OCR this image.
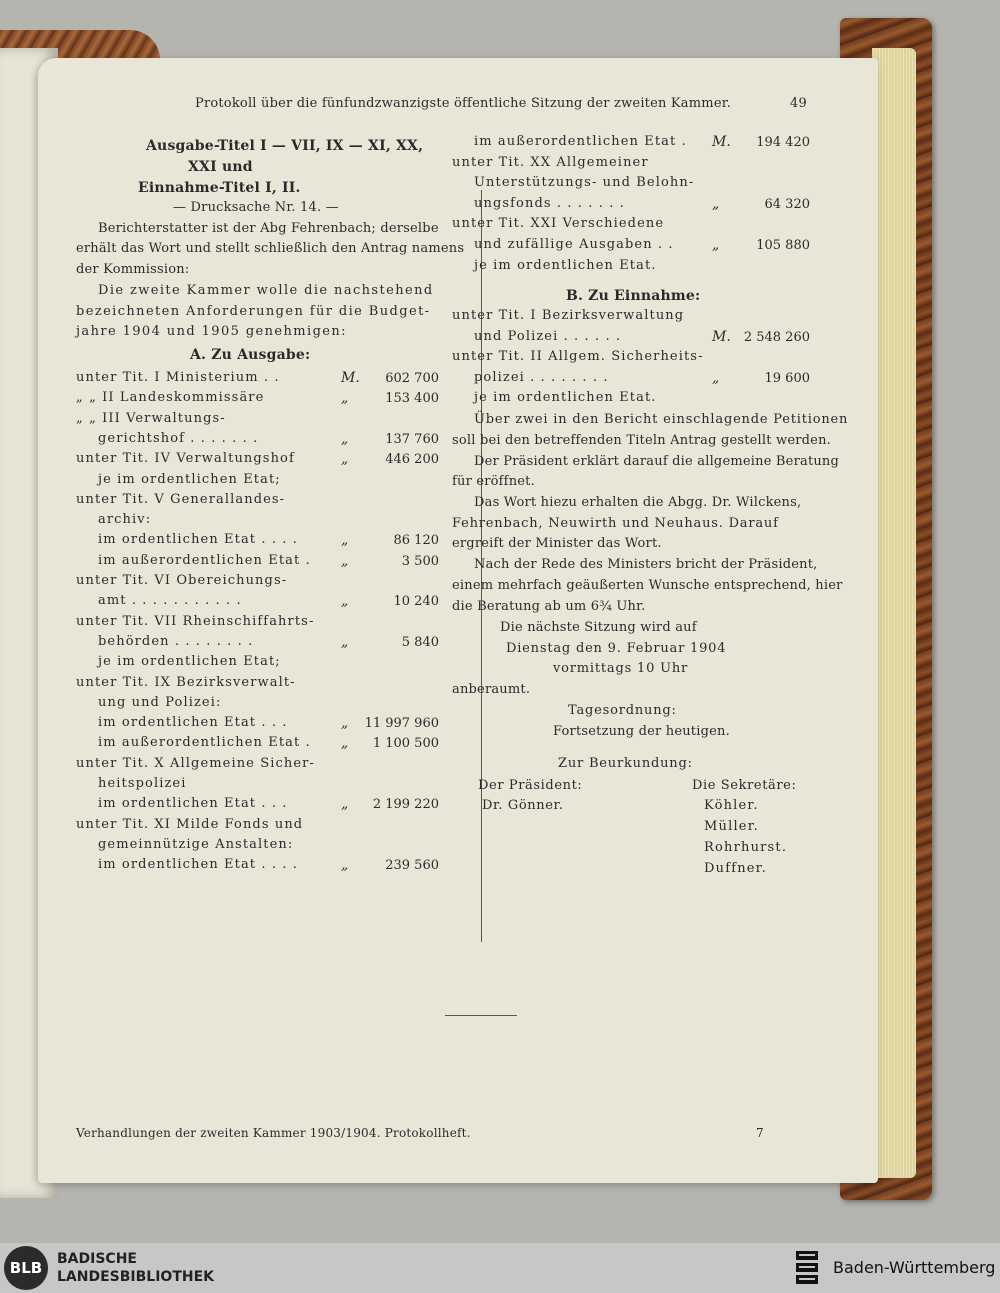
Protokoll über die fünfundzwanzigste öffentliche Sitzung der zweiten Kammer.	49
Ausgabe-Titel I — VII, IX — XI, XX,
XXI und
Einnahme-Titel I, II.
— Drucksache Nr. 14. —
Berichterstatter ist der Abg Fehrenbach; derselbe
erhält das Wort und stellt schließlich den Antrag namens
der Kommission:
Die zweite Kammer wolle die nachstehend
bezeichneten Anforderungen für die Budget-
jahre 1904 und 1905 genehmigen:
A. Zu Ausgabe:
unter Tit. I Ministerium . .	M.	602 700
„ „ II Landeskommissäre	„	153 400
„ „ III Verwaltungs-
gerichtshof . . . . . . .	„	137 760
unter Tit. IV Verwaltungshof	„	446 200
je im ordentlichen Etat;
unter Tit. V Generallandes-
archiv:
im ordentlichen Etat . . . .	„	86 120
im außerordentlichen Etat . „	3 500
unter Tit. VI Obereichungs-
amt . . . . . . . . . . .	„	10 240
unter Tit. VII Rheinschiffahrts-
behörden . . . . . . . .	„	5 840
je im ordentlichen Etat;
unter Tit. IX Bezirksverwalt-
ung und Polizei:
im ordentlichen Etat . . .	„	11 997 960
im außerordentlichen Etat . „	1 100 500
unter Tit. X Allgemeine Sicher-
heitspolizei
im ordentlichen Etat . . .	„	2 199 220
unter Tit. XI Milde Fonds und
gemeinnützige Anstalten:
im ordentlichen Etat . . . .	„	239 560
im außerordentlichen Etat . M.	194 420
unter Tit. XX Allgemeiner
Unterstützungs- und Belohn-
ungsfonds . . . . . . .	„	64 320
unter Tit. XXI Verschiedene
und zufällige Ausgaben . .	„	105 880
je im ordentlichen Etat.
B. Zu Einnahme:
unter Tit. I Bezirksverwaltung
und Polizei . . . . . .	M.	2 548 260
unter Tit. II Allgem. Sicherheits-
polizei . . . . . . . .	„	19 600
je im ordentlichen Etat.
Über zwei in den Bericht einschlagende Petitionen
soll bei den betreffenden Titeln Antrag gestellt werden.
Der Präsident erklärt darauf die allgemeine Beratung
für eröffnet.
Das Wort hiezu erhalten die Abgg. Dr. Wilckens,
Fehrenbach, Neuwirth und Neuhaus. Darauf
ergreift der Minister das Wort.
Nach der Rede des Ministers bricht der Präsident,
einem mehrfach geäußerten Wunsche entsprechend, hier
die Beratung ab um 6¾ Uhr.
Die nächste Sitzung wird auf
Dienstag den 9. Februar 1904
vormittags 10 Uhr
anberaumt.
Tagesordnung:
Fortsetzung der heutigen.
Zur Beurkundung:
Der Präsident:
Dr. Gönner.
Die Sekretäre:
Köhler.
Müller.
Rohrhurst.
Duffner.
Verhandlungen der zweiten Kammer 1903/1904. Protokollheft.	7
BLB	BADISCHE
LANDESBIBLIOTHEK	Baden-Württemberg
